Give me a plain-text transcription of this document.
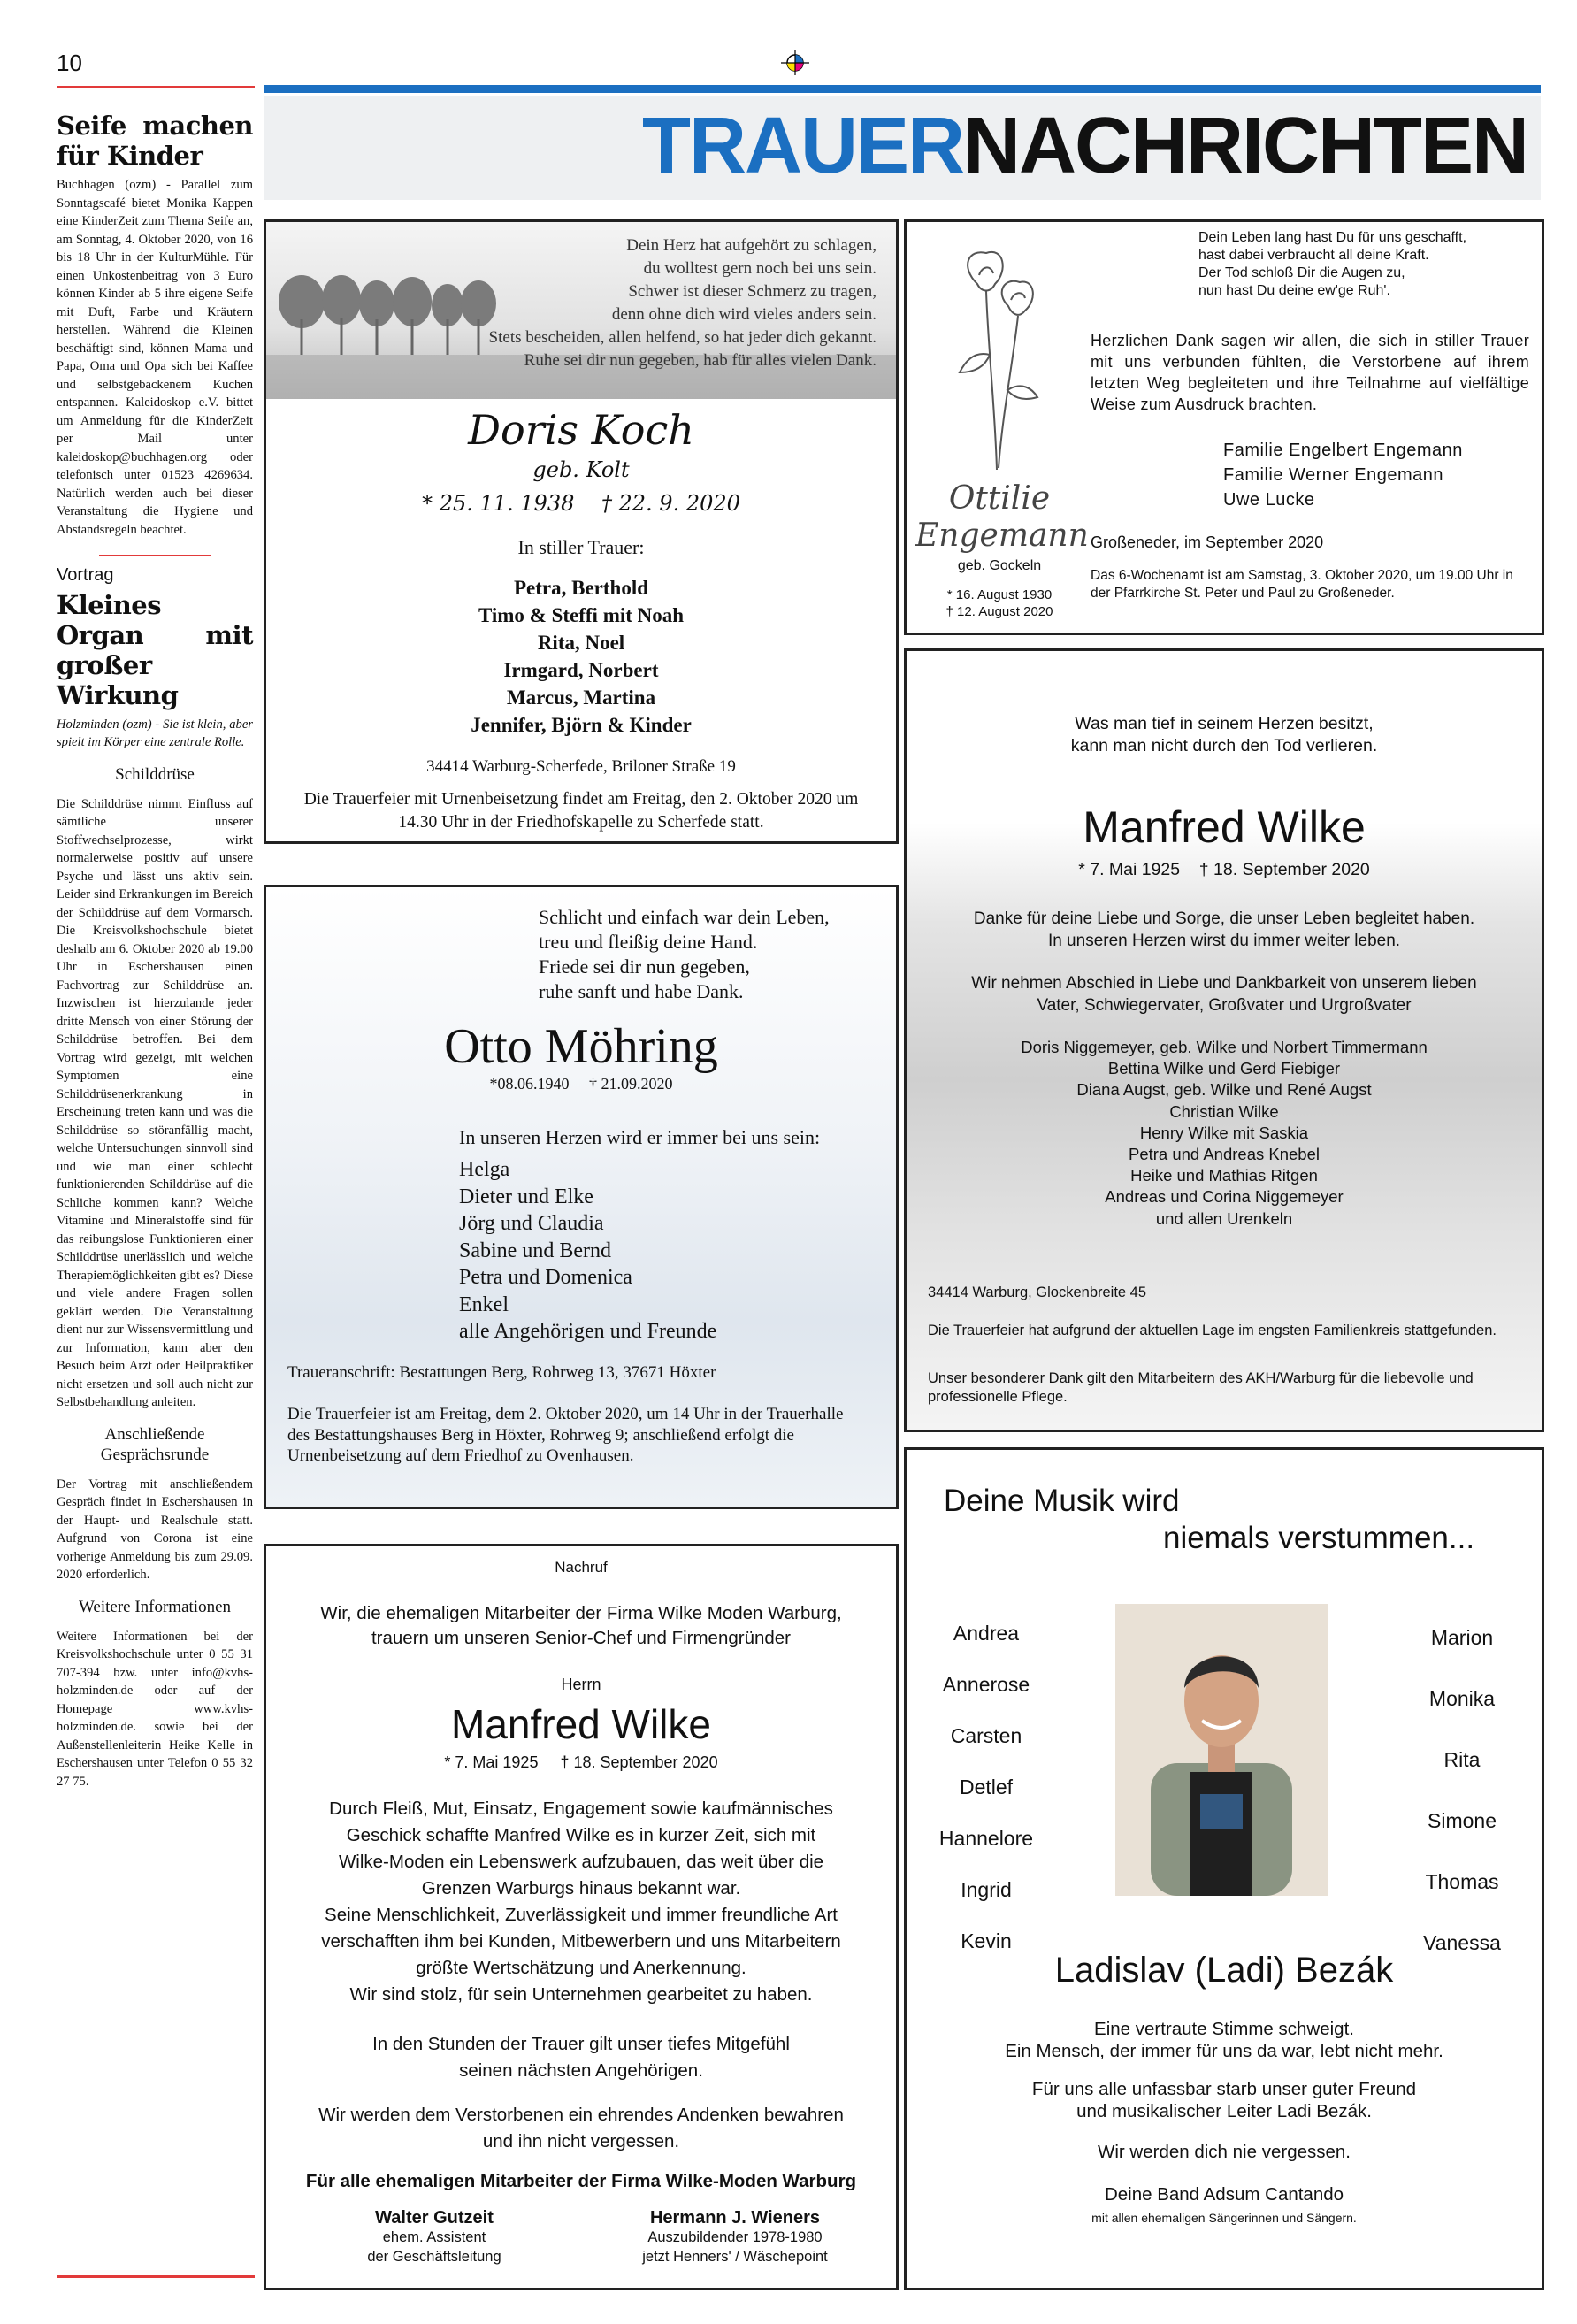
10
Seife machen für Kinder

Buchhagen (ozm) - Parallel zum Sonntagscafé bietet Monika Kappen eine KinderZeit zum Thema Seife an, am Sonntag, 4. Oktober 2020, von 16 bis 18 Uhr in der KulturMühle. Für einen Unkostenbeitrag von 3 Euro können Kinder ab 5 ihre eigene Seife mit Duft, Farbe und Kräutern herstellen. Während die Kleinen beschäftigt sind, können Mama und Papa, Oma und Opa sich bei Kaffee und selbstgebackenem Kuchen entspannen. Kaleidoskop e.V. bittet um Anmeldung für die KinderZeit per Mail unter kaleidoskop@buchhagen.org oder telefonisch unter 01523 4269634. Natürlich werden auch bei dieser Veranstaltung die Hygiene und Abstandsregeln beachtet.

Vortrag
Kleines Organ mit großer Wirkung

Holzminden (ozm) - Sie ist klein, aber spielt im Körper eine zentrale Rolle.

Schilddrüse

Die Schilddrüse nimmt Einfluss auf sämtliche unserer Stoffwechselprozesse, wirkt normalerweise positiv auf unsere Psyche und lässt uns aktiv sein. Leider sind Erkrankungen im Bereich der Schilddrüse auf dem Vormarsch. Die Kreisvolkshochschule bietet deshalb am 6. Oktober 2020 ab 19.00 Uhr in Eschershausen einen Fachvortrag zur Schilddrüse an. Inzwischen ist hierzulande jeder dritte Mensch von einer Störung der Schilddrüse betroffen. Bei dem Vortrag wird gezeigt, mit welchen Symptomen eine Schilddrüsenerkrankung in Erscheinung treten kann und was die Schilddrüse so störanfällig macht, welche Untersuchungen sinnvoll sind und wie man einer schlecht funktionierenden Schilddrüse auf die Schliche kommen kann? Welche Vitamine und Mineralstoffe sind für das reibungslose Funktionieren einer Schilddrüse unerlässlich und welche Therapiemöglichkeiten gibt es? Diese und viele andere Fragen sollen geklärt werden. Die Veranstaltung dient nur zur Wissensvermittlung und zur Information, kann aber den Besuch beim Arzt oder Heilpraktiker nicht ersetzen und soll auch nicht zur Selbstbehandlung anleiten.

Anschließende Gesprächsrunde

Der Vortrag mit anschließendem Gespräch findet in Eschershausen in der Haupt- und Realschule statt. Aufgrund von Corona ist eine vorherige Anmeldung bis zum 29.09. 2020 erforderlich.

Weitere Informationen

Weitere Informationen bei der Kreisvolkshochschule unter 0 55 31 707-394 bzw. unter info@kvhs-holzminden.de oder auf der Homepage www.kvhs-holzminden.de. sowie bei der Außenstellenleiterin Heike Kelle in Eschershausen unter Telefon 0 55 32 27 75.

TRAUERNACHRICHTEN
Dein Herz hat aufgehört zu schlagen,
du wolltest gern noch bei uns sein.
Schwer ist dieser Schmerz zu tragen,
denn ohne dich wird vieles anders sein.
Stets bescheiden, allen helfend, so hat jeder dich gekannt.
Ruhe sei dir nun gegeben, hab für alles vielen Dank.
Doris Koch
geb. Kolt
* 25. 11. 1938    † 22. 9. 2020
In stiller Trauer:
Petra, Berthold
Timo & Steffi mit Noah
Rita, Noel
Irmgard, Norbert
Marcus, Martina
Jennifer, Björn & Kinder
34414 Warburg-Scherfede, Briloner Straße 19
Die Trauerfeier mit Urnenbeisetzung findet am Freitag, den 2. Oktober 2020 um 14.30 Uhr in der Friedhofskapelle zu Scherfede statt.
Ottilie
Engemann
geb. Gockeln
* 16. August 1930
† 12. August 2020
Dein Leben lang hast Du für uns geschafft,
hast dabei verbraucht all deine Kraft.
Der Tod schloß Dir die Augen zu,
nun hast Du deine ew'ge Ruh'.
Herzlichen Dank sagen wir allen, die sich in stiller Trauer mit uns verbunden fühlten, die Verstorbene auf ihrem letzten Weg begleiteten und ihre Teilnahme auf vielfältige Weise zum Ausdruck brachten.
Familie Engelbert Engemann
Familie Werner Engemann
Uwe Lucke
Großeneder, im September 2020
Das 6-Wochenamt ist am Samstag, 3. Oktober 2020, um 19.00 Uhr in der Pfarrkirche St. Peter und Paul zu Großeneder.
Was man tief in seinem Herzen besitzt,
kann man nicht durch den Tod verlieren.
Manfred Wilke
* 7. Mai 1925    † 18. September 2020
Danke für deine Liebe und Sorge, die unser Leben begleitet haben.
In unseren Herzen wirst du immer weiter leben.
Wir nehmen Abschied in Liebe und Dankbarkeit von unserem lieben
Vater, Schwiegervater, Großvater und Urgroßvater
Doris Niggemeyer, geb. Wilke und Norbert Timmermann
Bettina Wilke und Gerd Fiebiger
Diana Augst, geb. Wilke und René Augst
Christian Wilke
Henry Wilke mit Saskia
Petra und Andreas Knebel
Heike und Mathias Ritgen
Andreas und Corina Niggemeyer
und allen Urenkeln
34414 Warburg, Glockenbreite 45
Die Trauerfeier hat aufgrund der aktuellen Lage im engsten Familienkreis stattgefunden.
Unser besonderer Dank gilt den Mitarbeitern des AKH/Warburg für die liebevolle und professionelle Pflege.
Schlicht und einfach war dein Leben,
treu und fleißig deine Hand.
Friede sei dir nun gegeben,
ruhe sanft und habe Dank.
Otto Möhring
*08.06.1940     † 21.09.2020
In unseren Herzen wird er immer bei uns sein:
Helga
Dieter und Elke
Jörg und Claudia
Sabine und Bernd
Petra und Domenica
Enkel
alle Angehörigen und Freunde
Traueranschrift: Bestattungen Berg, Rohrweg 13, 37671 Höxter
Die Trauerfeier ist am Freitag, dem 2. Oktober 2020, um 14 Uhr in der Trauerhalle des Bestattungshauses Berg in Höxter, Rohrweg 9; anschließend erfolgt die Urnenbeisetzung auf dem Friedhof zu Ovenhausen.
Nachruf
Wir, die ehemaligen Mitarbeiter der Firma Wilke Moden Warburg,
trauern um unseren Senior-Chef und Firmengründer
Herrn
Manfred Wilke
* 7. Mai 1925     † 18. September 2020
Durch Fleiß, Mut, Einsatz, Engagement sowie kaufmännisches
Geschick schaffte Manfred Wilke es in kurzer Zeit, sich mit
Wilke-Moden ein Lebenswerk aufzubauen, das weit über die
Grenzen Warburgs hinaus bekannt war.
Seine Menschlichkeit, Zuverlässigkeit und immer freundliche Art
verschafften ihm bei Kunden, Mitbewerbern und uns Mitarbeitern
größte Wertschätzung und Anerkennung.
Wir sind stolz, für sein Unternehmen gearbeitet zu haben.
In den Stunden der Trauer gilt unser tiefes Mitgefühl
seinen nächsten Angehörigen.
Wir werden dem Verstorbenen ein ehrendes Andenken bewahren
und ihn nicht vergessen.
Für alle ehemaligen Mitarbeiter der Firma Wilke-Moden Warburg
Walter Gutzeit
ehem. Assistent
der Geschäftsleitung
Hermann J. Wieners
Auszubildender 1978-1980
jetzt Henners' / Wäschepoint
Deine Musik wird
niemals verstummen...
Andrea
Annerose
Carsten
Detlef
Hannelore
Ingrid
Kevin
Marion
Monika
Rita
Simone
Thomas
Vanessa
Ladislav (Ladi) Bezák
Eine vertraute Stimme schweigt.
Ein Mensch, der immer für uns da war, lebt nicht mehr.
Für uns alle unfassbar starb unser guter Freund
und musikalischer Leiter Ladi Bezák.
Wir werden dich nie vergessen.
Deine Band Adsum Cantando
mit allen ehemaligen Sängerinnen und Sängern.
